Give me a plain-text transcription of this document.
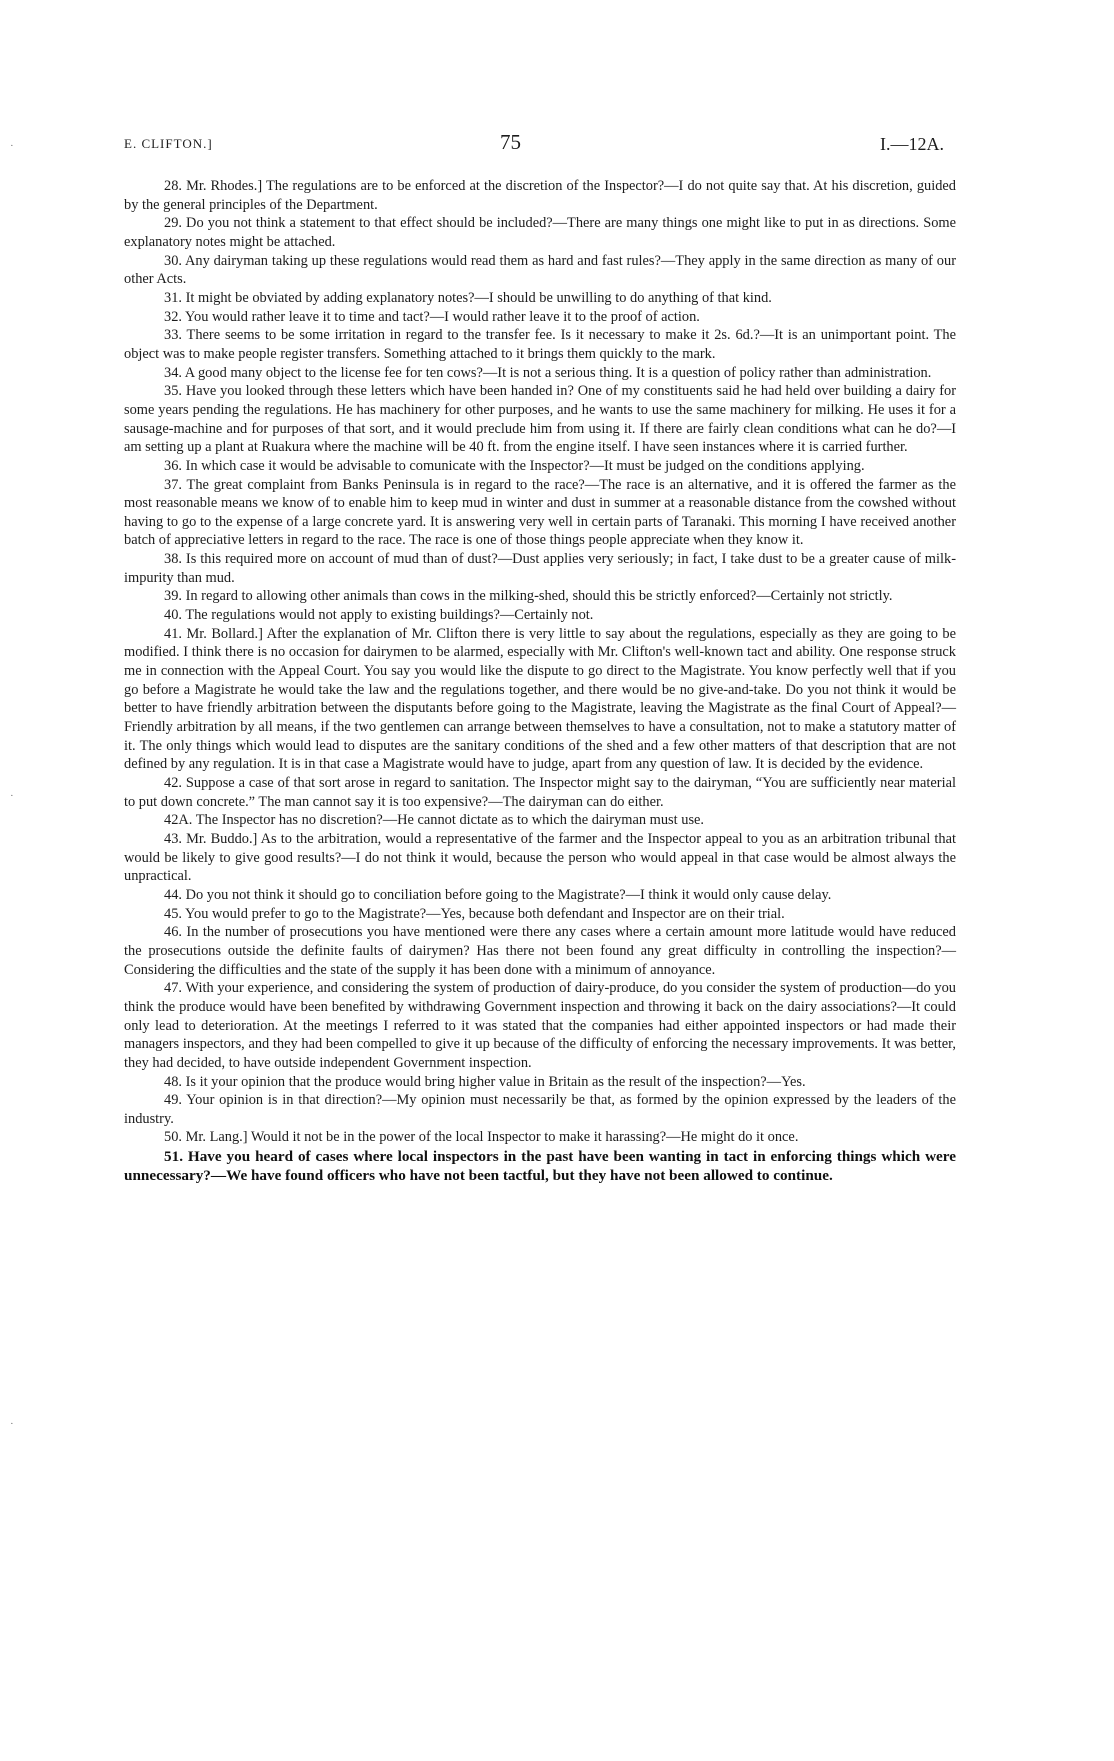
E. CLIFTON.]	75	I.—12A.
·
·
·

28. Mr. Rhodes.] The regulations are to be enforced at the discretion of the Inspector?—I do not quite say that. At his discretion, guided by the general principles of the Department.

29. Do you not think a statement to that effect should be included?—There are many things one might like to put in as directions. Some explanatory notes might be attached.

30. Any dairyman taking up these regulations would read them as hard and fast rules?—They apply in the same direction as many of our other Acts.

31. It might be obviated by adding explanatory notes?—I should be unwilling to do anything of that kind.

32. You would rather leave it to time and tact?—I would rather leave it to the proof of action.

33. There seems to be some irritation in regard to the transfer fee. Is it necessary to make it 2s. 6d.?—It is an unimportant point. The object was to make people register transfers. Something attached to it brings them quickly to the mark.

34. A good many object to the license fee for ten cows?—It is not a serious thing. It is a question of policy rather than administration.

35. Have you looked through these letters which have been handed in? One of my constituents said he had held over building a dairy for some years pending the regulations. He has machinery for other purposes, and he wants to use the same machinery for milking. He uses it for a sausage-machine and for purposes of that sort, and it would preclude him from using it. If there are fairly clean conditions what can he do?—I am setting up a plant at Ruakura where the machine will be 40 ft. from the engine itself. I have seen instances where it is carried further.

36. In which case it would be advisable to comunicate with the Inspector?—It must be judged on the conditions applying.

37. The great complaint from Banks Peninsula is in regard to the race?—The race is an alternative, and it is offered the farmer as the most reasonable means we know of to enable him to keep mud in winter and dust in summer at a reasonable distance from the cowshed without having to go to the expense of a large concrete yard. It is answering very well in certain parts of Taranaki. This morning I have received another batch of appreciative letters in regard to the race. The race is one of those things people appreciate when they know it.

38. Is this required more on account of mud than of dust?—Dust applies very seriously; in fact, I take dust to be a greater cause of milk-impurity than mud.

39. In regard to allowing other animals than cows in the milking-shed, should this be strictly enforced?—Certainly not strictly.

40. The regulations would not apply to existing buildings?—Certainly not.

41. Mr. Bollard.] After the explanation of Mr. Clifton there is very little to say about the regulations, especially as they are going to be modified. I think there is no occasion for dairymen to be alarmed, especially with Mr. Clifton's well-known tact and ability. One response struck me in connection with the Appeal Court. You say you would like the dispute to go direct to the Magistrate. You know perfectly well that if you go before a Magistrate he would take the law and the regulations together, and there would be no give-and-take. Do you not think it would be better to have friendly arbitration between the disputants before going to the Magistrate, leaving the Magistrate as the final Court of Appeal?—Friendly arbitration by all means, if the two gentlemen can arrange between themselves to have a consultation, not to make a statutory matter of it. The only things which would lead to disputes are the sanitary conditions of the shed and a few other matters of that description that are not defined by any regulation. It is in that case a Magistrate would have to judge, apart from any question of law. It is decided by the evidence.

42. Suppose a case of that sort arose in regard to sanitation. The Inspector might say to the dairyman, “You are sufficiently near material to put down concrete.” The man cannot say it is too expensive?—The dairyman can do either.

42A. The Inspector has no discretion?—He cannot dictate as to which the dairyman must use.

43. Mr. Buddo.] As to the arbitration, would a representative of the farmer and the Inspector appeal to you as an arbitration tribunal that would be likely to give good results?—I do not think it would, because the person who would appeal in that case would be almost always the unpractical.

44. Do you not think it should go to conciliation before going to the Magistrate?—I think it would only cause delay.

45. You would prefer to go to the Magistrate?—Yes, because both defendant and Inspector are on their trial.

46. In the number of prosecutions you have mentioned were there any cases where a certain amount more latitude would have reduced the prosecutions outside the definite faults of dairymen? Has there not been found any great difficulty in controlling the inspection?—Considering the difficulties and the state of the supply it has been done with a minimum of annoyance.

47. With your experience, and considering the system of production of dairy-produce, do you consider the system of production—do you think the produce would have been benefited by withdrawing Government inspection and throwing it back on the dairy associations?—It could only lead to deterioration. At the meetings I referred to it was stated that the companies had either appointed inspectors or had made their managers inspectors, and they had been compelled to give it up because of the difficulty of enforcing the necessary improvements. It was better, they had decided, to have outside independent Government inspection.

48. Is it your opinion that the produce would bring higher value in Britain as the result of the inspection?—Yes.

49. Your opinion is in that direction?—My opinion must necessarily be that, as formed by the opinion expressed by the leaders of the industry.

50. Mr. Lang.] Would it not be in the power of the local Inspector to make it harassing?—He might do it once.

51. Have you heard of cases where local inspectors in the past have been wanting in tact in enforcing things which were unnecessary?—We have found officers who have not been tactful, but they have not been allowed to continue.
